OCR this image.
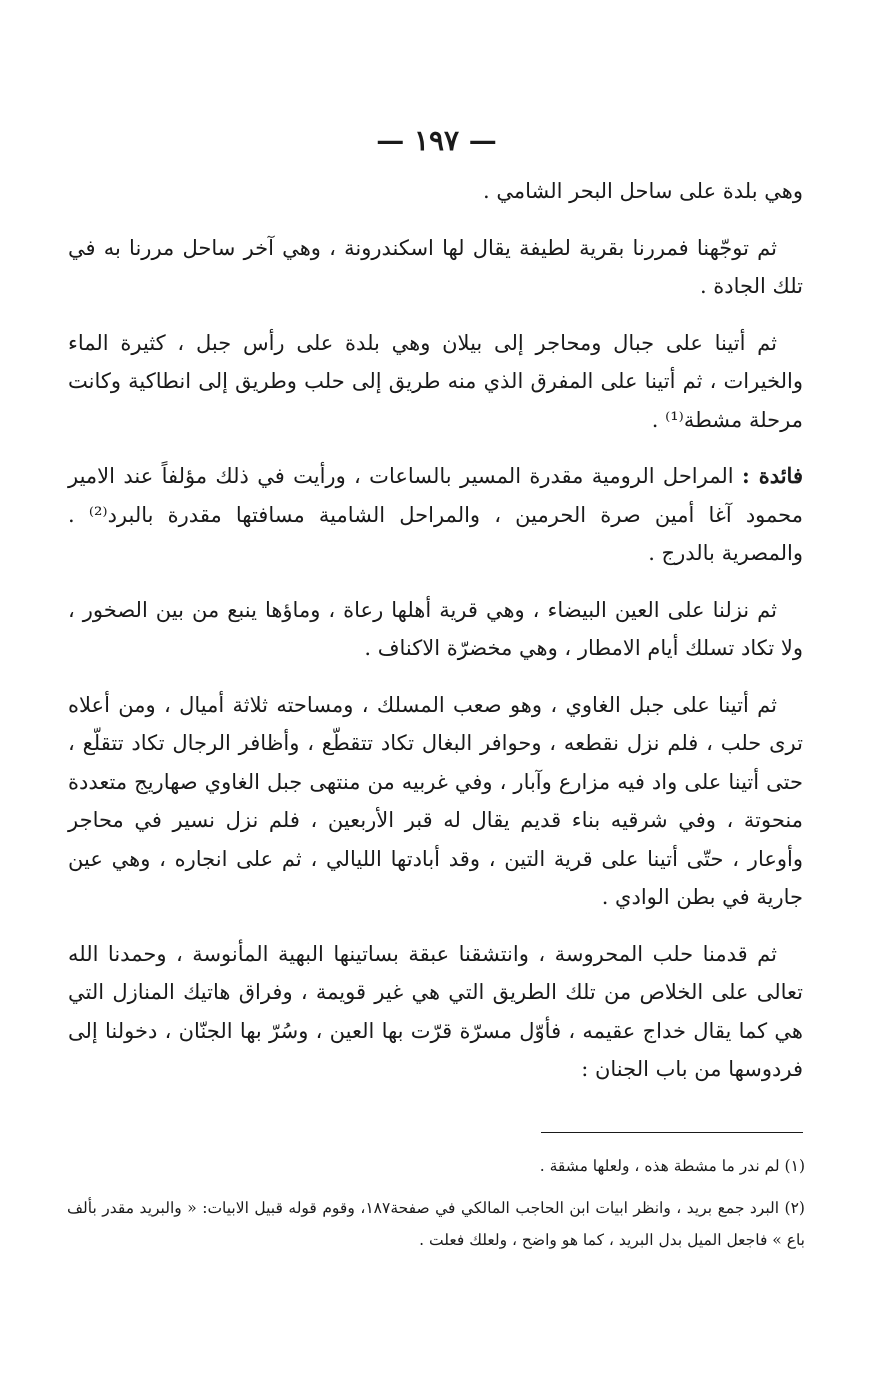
— ١٩٧ —

وهي بلدة على ساحل البحر الشامي .

ثم توجّهنا فمررنا بقرية لطيفة يقال لها اسكندرونة ، وهي آخر ساحل مررنا به في تلك الجادة .

ثم أتينا على جبال ومحاجر إلى بيلان وهي بلدة على رأس جبل ، كثيرة الماء والخيرات ، ثم أتينا على المفرق الذي منه طريق إلى حلب وطريق إلى انطاكية وكانت مرحلة مشطة⁽¹⁾ .

فائدة : المراحل الرومية مقدرة المسير بالساعات ، ورأيت في ذلك مؤلفاً عند الامير محمود آغا أمين صرة الحرمين ، والمراحل الشامية مسافتها مقدرة بالبرد⁽²⁾ . والمصرية بالدرج .

ثم نزلنا على العين البيضاء ، وهي قرية أهلها رعاة ، وماؤها ينبع من بين الصخور ، ولا تكاد تسلك أيام الامطار ، وهي مخضرّة الاكناف .

ثم أتينا على جبل الغاوي ، وهو صعب المسلك ، ومساحته ثلاثة أميال ، ومن أعلاه ترى حلب ، فلم نزل نقطعه ، وحوافر البغال تكاد تتقطّع ، وأظافر الرجال تكاد تتقلّع ، حتى أتينا على واد فيه مزارع وآبار ، وفي غربيه من منتهى جبل الغاوي صهاريج متعددة منحوتة ، وفي شرقيه بناء قديم يقال له قبر الأربعين ، فلم نزل نسير في محاجر وأوعار ، حتّى أتينا على قرية التين ، وقد أبادتها الليالي ، ثم على انجاره ، وهي عين جارية في بطن الوادي .

ثم قدمنا حلب المحروسة ، وانتشقنا عبقة بساتينها البهية المأنوسة ، وحمدنا الله تعالى على الخلاص من تلك الطريق التي هي غير قويمة ، وفراق هاتيك المنازل التي هي كما يقال خداج عقيمه ، فأوّل مسرّة قرّت بها العين ، وسُرّ بها الجنّان ، دخولنا إلى فردوسها من باب الجنان :

(١) لم ندر ما مشطة هذه ، ولعلها مشقة .

(٢) البرد جمع بريد ، وانظر ابيات ابن الحاجب المالكي في صفحة١٨٧، وقوم قوله قبيل الابيات: « والبريد مقدر بألف باع » فاجعل الميل بدل البريد ، كما هو واضح ، ولعلك فعلت .
